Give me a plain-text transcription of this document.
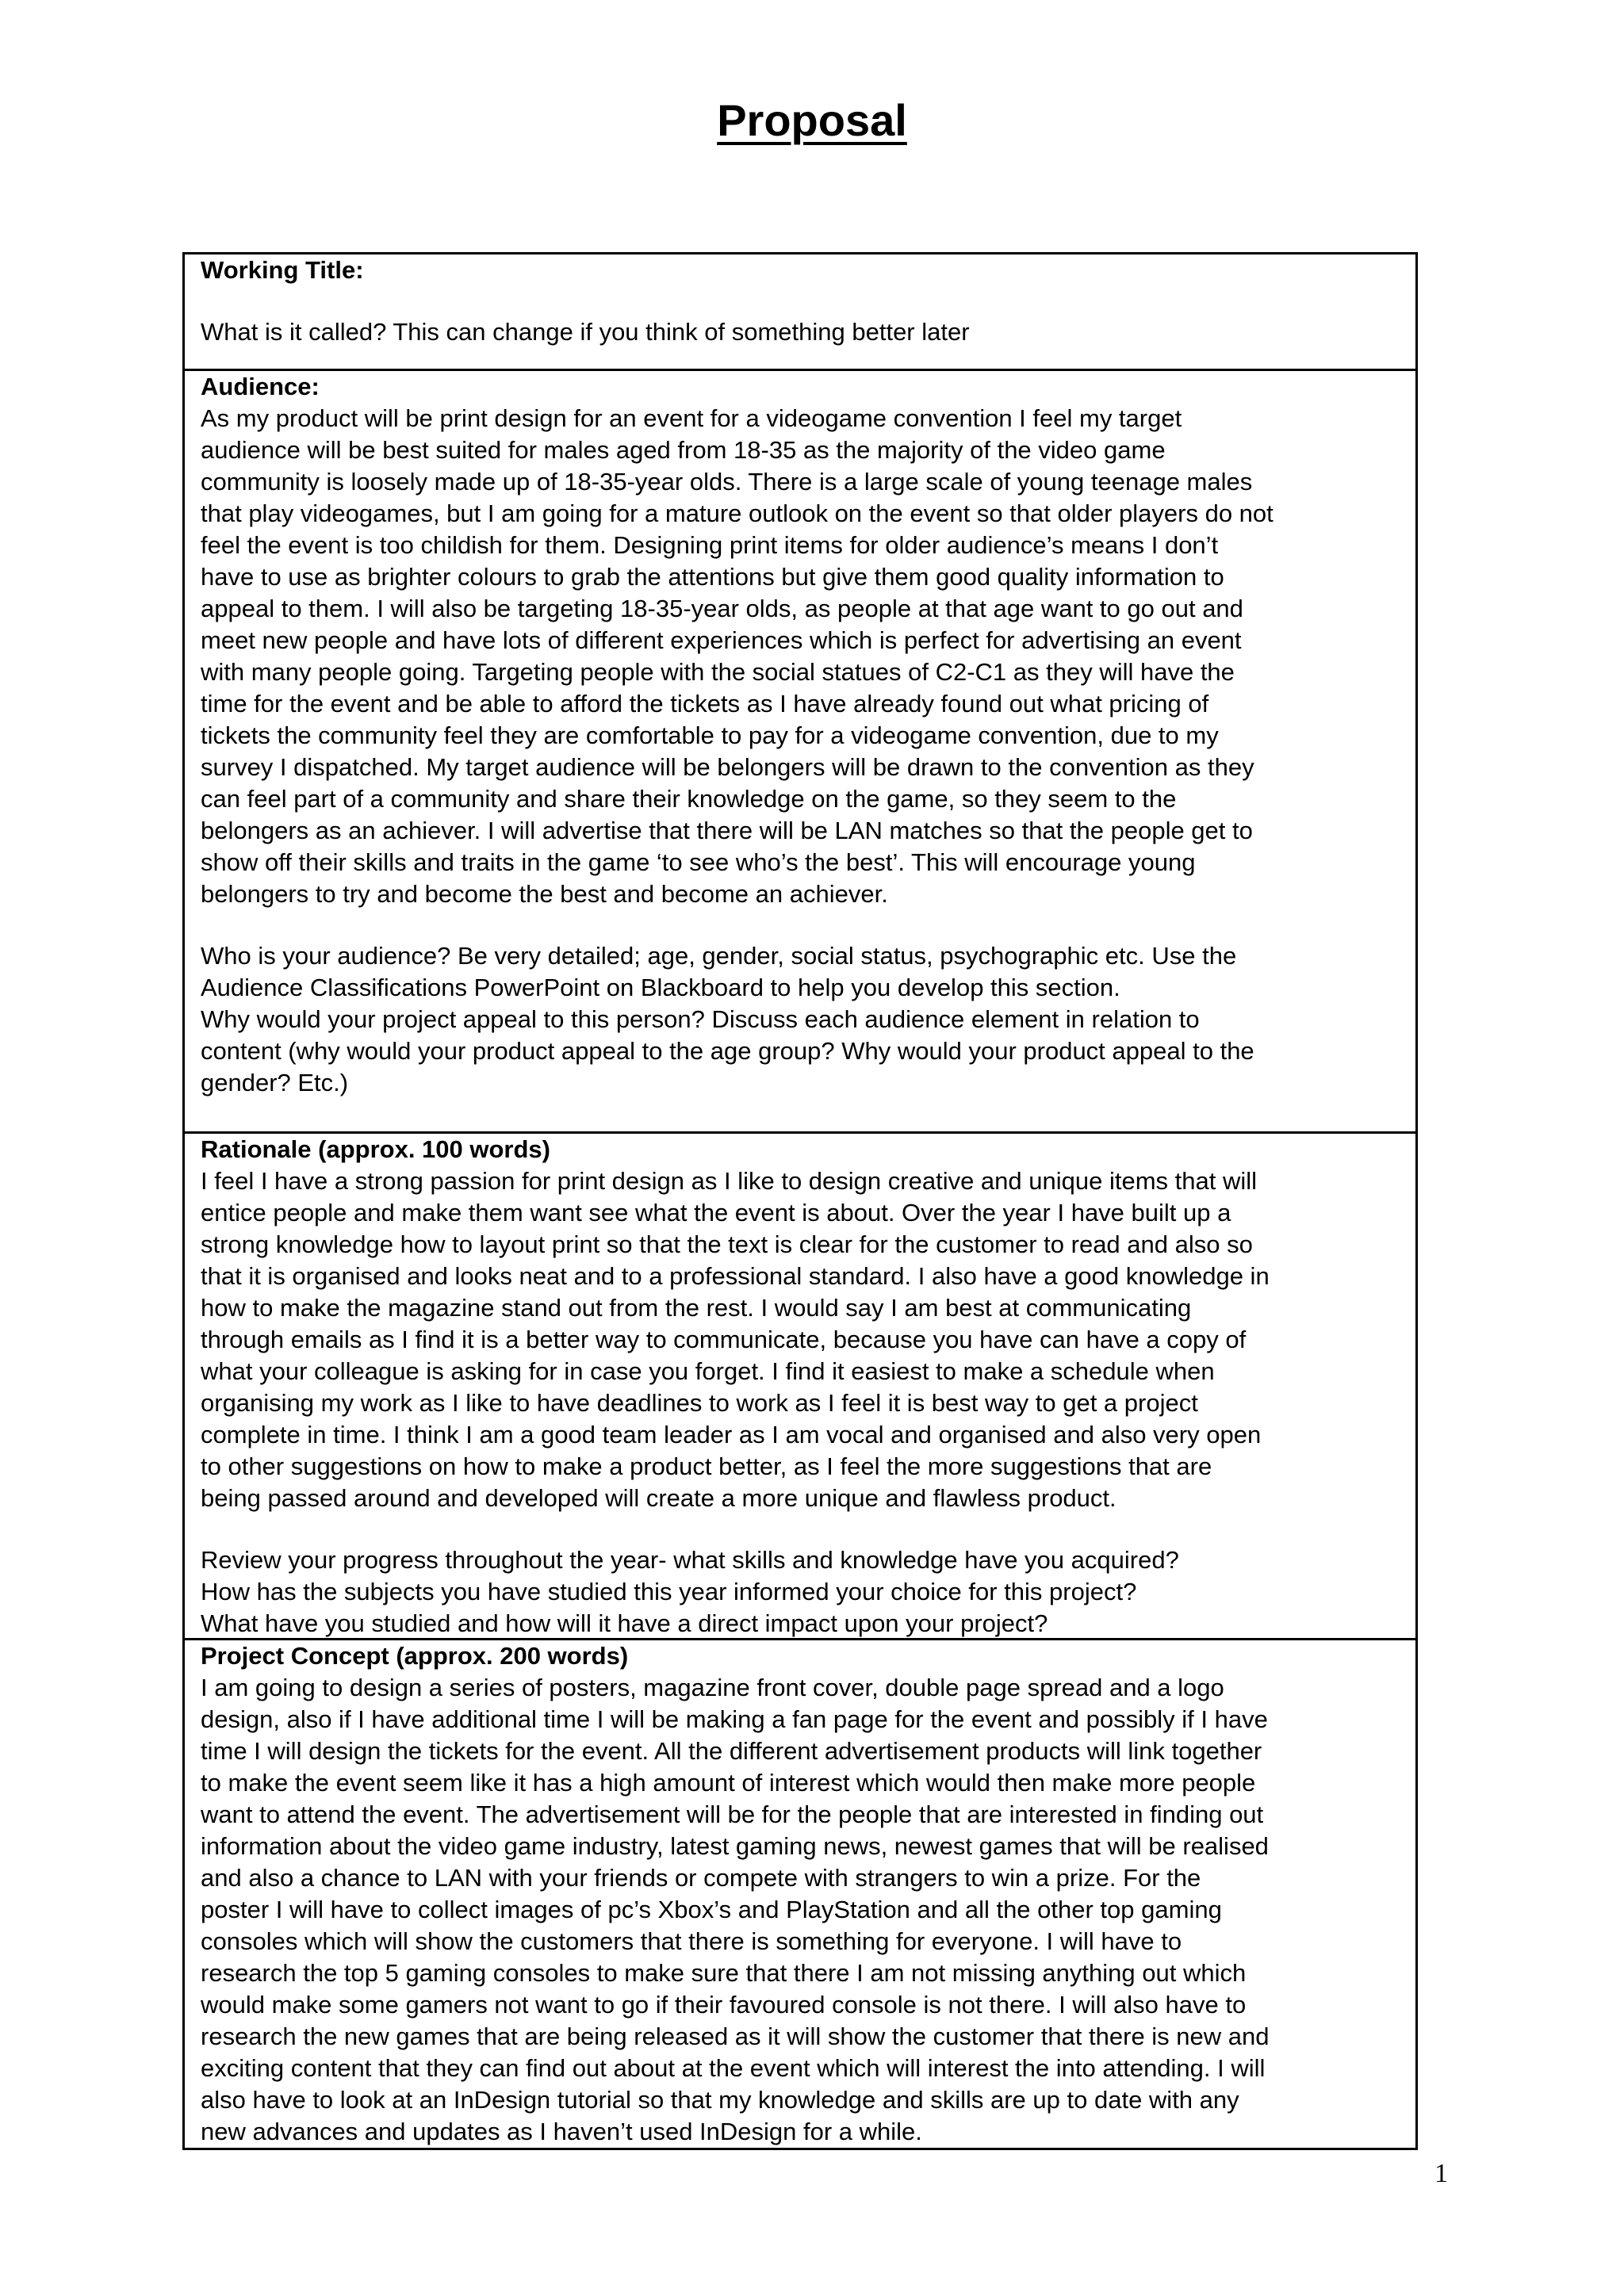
Proposal
Working Title:
What is it called? This can change if you think of something better later
Audience:
As my product will be print design for an event for a videogame convention I feel my target
audience will be best suited for males aged from 18-35 as the majority of the video game
community is loosely made up of 18-35-year olds. There is a large scale of young teenage males
that play videogames, but I am going for a mature outlook on the event so that older players do not
feel the event is too childish for them. Designing print items for older audience’s means I don’t
have to use as brighter colours to grab the attentions but give them good quality information to
appeal to them. I will also be targeting 18-35-year olds, as people at that age want to go out and
meet new people and have lots of different experiences which is perfect for advertising an event
with many people going. Targeting people with the social statues of C2-C1 as they will have the
time for the event and be able to afford the tickets as I have already found out what pricing of
tickets the community feel they are comfortable to pay for a videogame convention, due to my
survey I dispatched. My target audience will be belongers will be drawn to the convention as they
can feel part of a community and share their knowledge on the game, so they seem to the
belongers as an achiever. I will advertise that there will be LAN matches so that the people get to
show off their skills and traits in the game ‘to see who’s the best’. This will encourage young
belongers to try and become the best and become an achiever.
Who is your audience? Be very detailed; age, gender, social status, psychographic etc. Use the
Audience Classifications PowerPoint on Blackboard to help you develop this section.
Why would your project appeal to this person? Discuss each audience element in relation to
content (why would your product appeal to the age group? Why would your product appeal to the
gender? Etc.)
Rationale (approx. 100 words)
I feel I have a strong passion for print design as I like to design creative and unique items that will
entice people and make them want see what the event is about. Over the year I have built up a
strong knowledge how to layout print so that the text is clear for the customer to read and also so
that it is organised and looks neat and to a professional standard. I also have a good knowledge in
how to make the magazine stand out from the rest. I would say I am best at communicating
through emails as I find it is a better way to communicate, because you have can have a copy of
what your colleague is asking for in case you forget. I find it easiest to make a schedule when
organising my work as I like to have deadlines to work as I feel it is best way to get a project
complete in time. I think I am a good team leader as I am vocal and organised and also very open
to other suggestions on how to make a product better, as I feel the more suggestions that are
being passed around and developed will create a more unique and flawless product.
Review your progress throughout the year- what skills and knowledge have you acquired?
How has the subjects you have studied this year informed your choice for this project?
What have you studied and how will it have a direct impact upon your project?
Project Concept (approx. 200 words)
I am going to design a series of posters, magazine front cover, double page spread and a logo
design, also if I have additional time I will be making a fan page for the event and possibly if I have
time I will design the tickets for the event. All the different advertisement products will link together
to make the event seem like it has a high amount of interest which would then make more people
want to attend the event. The advertisement will be for the people that are interested in finding out
information about the video game industry, latest gaming news, newest games that will be realised
and also a chance to LAN with your friends or compete with strangers to win a prize. For the
poster I will have to collect images of pc’s Xbox’s and PlayStation and all the other top gaming
consoles which will show the customers that there is something for everyone. I will have to
research the top 5 gaming consoles to make sure that there I am not missing anything out which
would make some gamers not want to go if their favoured console is not there. I will also have to
research the new games that are being released as it will show the customer that there is new and
exciting content that they can find out about at the event which will interest the into attending. I will
also have to look at an InDesign tutorial so that my knowledge and skills are up to date with any
new advances and updates as I haven’t used InDesign for a while.
1
